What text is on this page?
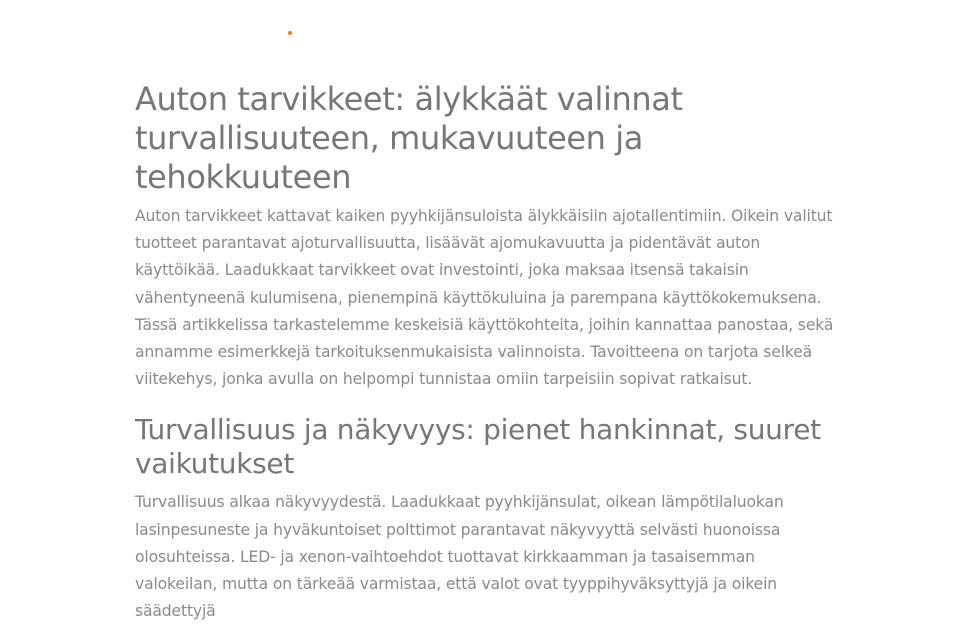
Auton tarvikkeet: älykkäät valinnat turvallisuuteen, mukavuuteen ja tehokkuuteen

Auton tarvikkeet kattavat kaiken pyyhkijänsuloista älykkäisiin ajotallentimiin. Oikein valitut tuotteet parantavat ajoturvallisuutta, lisäävät ajomukavuutta ja pidentävät auton käyttöikää. Laadukkaat tarvikkeet ovat investointi, joka maksaa itsensä takaisin vähentyneenä kulumisena, pienempinä käyttökuluina ja parempana käyttökokemuksena. Tässä artikkelissa tarkastelemme keskeisiä käyttökohteita, joihin kannattaa panostaa, sekä annamme esimerkkejä tarkoituksenmukaisista valinnoista. Tavoitteena on tarjota selkeä viitekehys, jonka avulla on helpompi tunnistaa omiin tarpeisiin sopivat ratkaisut.

Turvallisuus ja näkyvyys: pienet hankinnat, suuret vaikutukset

Turvallisuus alkaa näkyvyydestä. Laadukkaat pyyhkijänsulat, oikean lämpötilaluokan lasinpesuneste ja hyväkuntoiset polttimot parantavat näkyvyyttä selvästi huonoissa olosuhteissa. LED- ja xenon-vaihtoehdot tuottavat kirkkaamman ja tasaisemman valokeilan, mutta on tärkeää varmistaa, että valot ovat tyyppihyväksyttyjä ja oikein säädettyjä
